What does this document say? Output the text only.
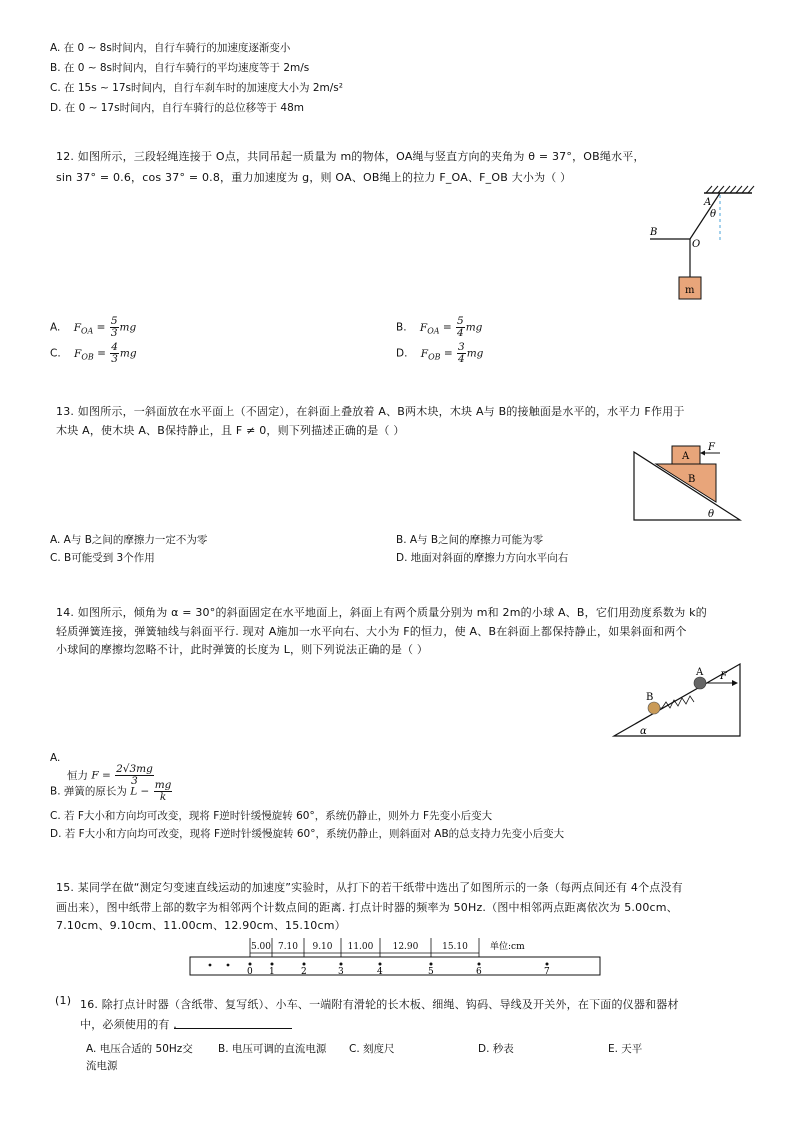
A. 在 0 ∼ 8s时间内，自行车骑行的加速度逐渐变小
B. 在 0 ∼ 8s时间内，自行车骑行的平均速度等于 2m/s
C. 在 15s ∼ 17s时间内，自行车刹车时的加速度大小为 2m/s²
D. 在 0 ∼ 17s时间内，自行车骑行的总位移等于 48m
12. 如图所示，三段轻绳连接于 O点，共同吊起一质量为 m的物体，OA绳与竖直方向的夹角为 θ = 37°，OB绳水平，
sin 37° = 0.6，cos 37° = 0.8，重力加速度为 g，则 OA、OB绳上的拉力 F_OA、F_OB 大小为（ ）
A
θ
B
O
m
A. $F_{OA} = \frac{5}{3}$ mg	B. $F_{OA} = \frac{5}{4}$ mg
C. $F_{OB} = \frac{4}{3}$ mg	D. $F_{OB} = \frac{3}{4}$ mg
13. 如图所示，一斜面放在水平面上（不固定），在斜面上叠放着 A、B两木块，木块 A与 B的接触面是水平的，水平力 F作用于
木块 A，使木块 A、B保持静止，且 F ≠ 0，则下列描述正确的是（ ）
A
B
F
θ
A. A与 B之间的摩擦力一定不为零	B. A与 B之间的摩擦力可能为零
C. B可能受到 3个作用	D. 地面对斜面的摩擦力方向水平向右
14. 如图所示，倾角为 α = 30°的斜面固定在水平地面上，斜面上有两个质量分别为 m和 2m的小球 A、B，它们用劲度系数为 k的
轻质弹簧连接，弹簧轴线与斜面平行. 现对 A施加一水平向右、大小为 F的恒力，使 A、B在斜面上都保持静止，如果斜面和两个
小球间的摩擦均忽略不计，此时弹簧的长度为 L，则下列说法正确的是（ ）
B
A F
α
A.
恒力 $F = \frac{2√3mg}{3}$
B. 弹簧的原长为 $L - \frac{mg}{k}$
C. 若 F大小和方向均可改变，现将 F逆时针缓慢旋转 60°，系统仍静止，则外力 F先变小后变大
D. 若 F大小和方向均可改变，现将 F逆时针缓慢旋转 60°，系统仍静止，则斜面对 AB的总支持力先变小后变大
15. 某同学在做“测定匀变速直线运动的加速度”实验时，从打下的若干纸带中选出了如图所示的一条（每两点间还有 4个点没有
画出来），图中纸带上部的数字为相邻两个计数点间的距离. 打点计时器的频率为 50Hz.（图中相邻两点距离依次为 5.00cm、
7.10cm、9.10cm、11.00cm、12.90cm、15.10cm）
0 1	2	3	4	5	6	7
5.00 7.10 9.10 11.00 12.90	15.10 单位:cm
(1) 16. 除打点计时器（含纸带、复写纸）、小车、一端附有滑轮的长木板、细绳、钩码、导线及开关外，在下面的仪器和器材
中，必须使用的有 .
A. 电压合适的 50Hz交
流电源
B. 电压可调的直流电源 C. 刻度尺	D. 秒表	E. 天平
